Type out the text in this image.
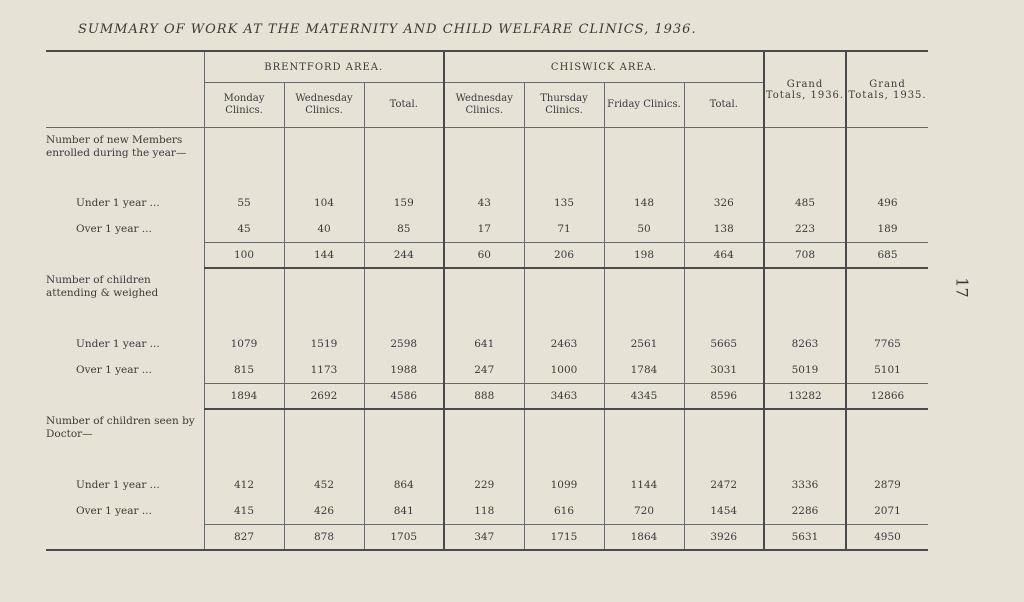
SUMMARY OF WORK AT THE MATERNITY AND CHILD WELFARE CLINICS, 1936.
17

	BRENTFORD AREA.			CHISWICK AREA.				Grand Totals, 1936.	Grand Totals, 1935.
	Monday Clinics.	Wednesday Clinics.	Total.	Wednesday Clinics.	Thursday Clinics.	Friday Clinics.	Total.		
Number of new Members enrolled during the year—									
Under 1 year ...	55	104	159	43	135	148	326	485	496
Over 1 year ...	45	40	85	17	71	50	138	223	189
	100	144	244	60	206	198	464	708	685
Number of children attending & weighed									
Under 1 year ...	1079	1519	2598	641	2463	2561	5665	8263	7765
Over 1 year ...	815	1173	1988	247	1000	1784	3031	5019	5101
	1894	2692	4586	888	3463	4345	8596	13282	12866
Number of children seen by Doctor—									
Under 1 year ...	412	452	864	229	1099	1144	2472	3336	2879
Over 1 year ...	415	426	841	118	616	720	1454	2286	2071
	827	878	1705	347	1715	1864	3926	5631	4950
